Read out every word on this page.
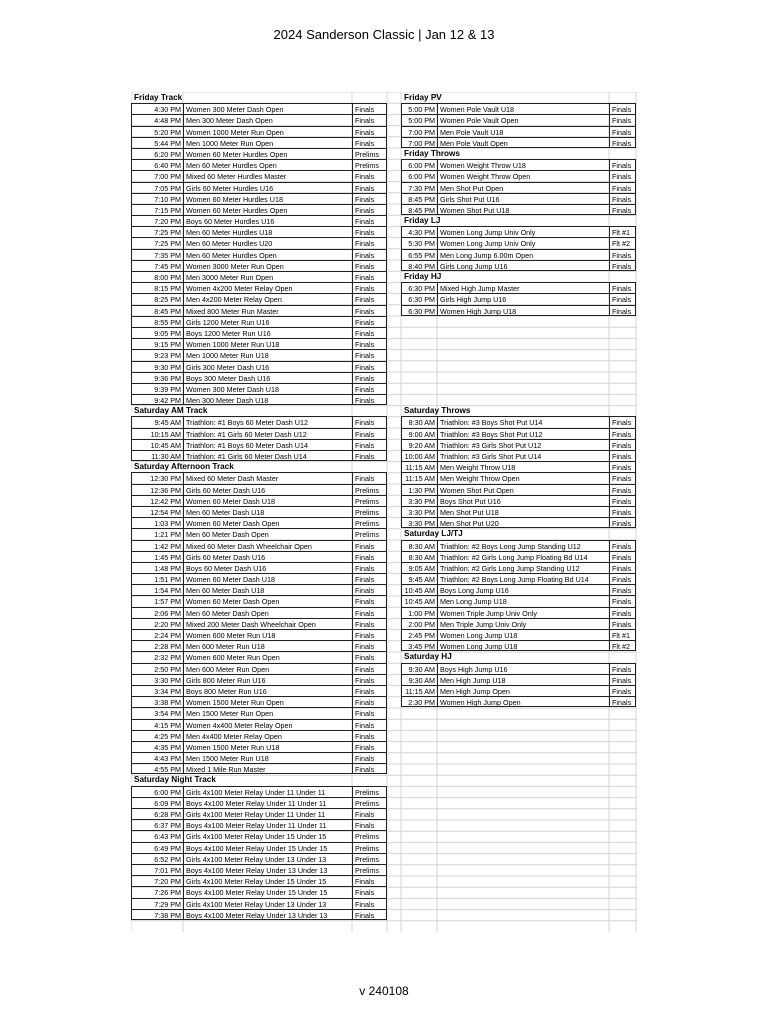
2024 Sanderson Classic | Jan 12 & 13
Friday Track
4:30 PM Women 300 Meter Dash Open	Finals
4:48 PM Men 300 Meter Dash Open	Finals
5:20 PM Women 1000 Meter Run Open	Finals
5:44 PM Men 1000 Meter Run Open	Finals
6:20 PM Women 60 Meter Hurdles Open	Prelims
6:40 PM Men 60 Meter Hurdles Open	Prelims
7:00 PM Mixed 60 Meter Hurdles Master	Finals
7:05 PM Girls 60 Meter Hurdles U16	Finals
7:10 PM Women 60 Meter Hurdles U18	Finals
7:15 PM Women 60 Meter Hurdles Open	Finals
7:20 PM Boys 60 Meter Hurdles U16	Finals
7:25 PM Men 60 Meter Hurdles U18	Finals
7:25 PM Men 60 Meter Hurdles U20	Finals
7:35 PM Men 60 Meter Hurdles Open	Finals
7:45 PM Women 3000 Meter Run Open	Finals
8:00 PM Men 3000 Meter Run Open	Finals
8:15 PM Women 4x200 Meter Relay Open	Finals
8:25 PM Men 4x200 Meter Relay Open	Finals
8:45 PM Mixed 800 Meter Run Master	Finals
8:55 PM Girls 1200 Meter Run U16	Finals
9:05 PM Boys 1200 Meter Run U16	Finals
9:15 PM Women 1000 Meter Run U18	Finals
9:23 PM Men 1000 Meter Run U18	Finals
9:30 PM Girls 300 Meter Dash U16	Finals
9:36 PM Boys 300 Meter Dash U16	Finals
9:39 PM Women 300 Meter Dash U18	Finals
9:42 PM Men 300 Meter Dash U18	Finals
Saturday AM Track
9:45 AM Triathlon: #1 Boys 60 Meter Dash U12	Finals
10:15 AM Triathlon: #1 Girls 60 Meter Dash U12	Finals
10:45 AM Triathlon: #1 Boys 60 Meter Dash U14	Finals
11:30 AM Triathlon: #1 Girls 60 Meter Dash U14	Finals
Saturday Afternoon Track
12:30 PM Mixed 60 Meter Dash Master	Finals
12:36 PM Girls 60 Meter Dash U16	Prelims
12:42 PM Women 60 Meter Dash U18	Prelims
12:54 PM Men 60 Meter Dash U18	Prelims
1:03 PM Women 60 Meter Dash Open	Prelims
1:21 PM Men 60 Meter Dash Open	Prelims
1:42 PM Mixed 60 Meter Dash Wheelchair Open	Finals
1:45 PM Girls 60 Meter Dash U16	Finals
1:48 PM Boys 60 Meter Dash U16	Finals
1:51 PM Women 60 Meter Dash U18	Finals
1:54 PM Men 60 Meter Dash U18	Finals
1:57 PM Women 60 Meter Dash Open	Finals
2:06 PM Men 60 Meter Dash Open	Finals
2:20 PM Mixed 200 Meter Dash Wheelchair Open	Finals
2:24 PM Women 600 Meter Run U18	Finals
2:28 PM Men 600 Meter Run U18	Finals
2:32 PM Women 600 Meter Run Open	Finals
2:50 PM Men 600 Meter Run Open	Finals
3:30 PM Girls 800 Meter Run U16	Finals
3:34 PM Boys 800 Meter Run U16	Finals
3:38 PM Women 1500 Meter Run Open	Finals
3:54 PM Men 1500 Meter Run Open	Finals
4:15 PM Women 4x400 Meter Relay Open	Finals
4:25 PM Men 4x400 Meter Relay Open	Finals
4:35 PM Women 1500 Meter Run U18	Finals
4:43 PM Men 1500 Meter Run U18	Finals
4:55 PM Mixed 1 Mile Run Master	Finals
Saturday Night Track
6:00 PM Girls 4x100 Meter Relay Under 11 Under 11	Prelims
6:09 PM Boys 4x100 Meter Relay Under 11 Under 11	Prelims
6:28 PM Girls 4x100 Meter Relay Under 11 Under 11	Finals
6:37 PM Boys 4x100 Meter Relay Under 11 Under 11	Finals
6:43 PM Girls 4x100 Meter Relay Under 15 Under 15	Prelims
6:49 PM Boys 4x100 Meter Relay Under 15 Under 15	Prelims
6:52 PM Girls 4x100 Meter Relay Under 13 Under 13	Prelims
7:01 PM Boys 4x100 Meter Relay Under 13 Under 13	Prelims
7:20 PM Girls 4x100 Meter Relay Under 15 Under 15	Finals
7:26 PM Boys 4x100 Meter Relay Under 15 Under 15	Finals
7:29 PM Girls 4x100 Meter Relay Under 13 Under 13	Finals
7:38 PM Boys 4x100 Meter Relay Under 13 Under 13	Finals
Friday PV
5:00 PM Women Pole Vault U18	Finals
5:00 PM Women Pole Vault Open	Finals
7:00 PM Men Pole Vault U18	Finals
7:00 PM Men Pole Vault Open	Finals
Friday Throws
6:00 PM Women Weight Throw U18	Finals
6:00 PM Women Weight Throw Open	Finals
7:30 PM Men Shot Put Open	Finals
8:45 PM Girls Shot Put U16	Finals
8:45 PM Women Shot Put U18	Finals
Friday LJ
4:30 PM Women Long Jump Univ Only	Flt #1
5:30 PM Women Long Jump Univ Only	Flt #2
6:55 PM Men Long Jump 6.00m Open	Finals
8:40 PM Girls Long Jump U16	Finals
Friday HJ
6:30 PM Mixed High Jump Master	Finals
6:30 PM Girls High Jump U16	Finals
6:30 PM Women High Jump U18	Finals
Saturday Throws
8:30 AM Triathlon: #3 Boys Shot Put U14	Finals
9:00 AM Triathlon: #3 Boys Shot Put U12	Finals
9:20 AM Triathlon: #3 Girls Shot Put U12	Finals
10:00 AM Triathlon: #3 Girls Shot Put U14	Finals
11:15 AM Men Weight Throw U18	Finals
11:15 AM Men Weight Throw Open	Finals
1:30 PM Women Shot Put Open	Finals
3:30 PM Boys Shot Put U16	Finals
3:30 PM Men Shot Put U18	Finals
3:30 PM Men Shot Put U20	Finals
Saturday LJ/TJ
8:30 AM Triathlon: #2 Boys Long Jump Standing U12	Finals
8:30 AM Triathlon: #2 Girls Long Jump Floating Bd U14	Finals
9:05 AM Triathlon: #2 Girls Long Jump Standing U12	Finals
9:45 AM Triathlon: #2 Boys Long Jump Floating Bd U14	Finals
10:45 AM Boys Long Jump U16	Finals
10:45 AM Men Long Jump U18	Finals
1:00 PM Women Triple Jump Univ Only	Finals
2:00 PM Men Triple Jump Univ Only	Finals
2:45 PM Women Long Jump U18	Flt #1
3:45 PM Women Long Jump U18	Flt #2
Saturday HJ
9:30 AM Boys High Jump U16	Finals
9:30 AM Men High Jump U18	Finals
11:15 AM Men High Jump Open	Finals
2:30 PM Women High Jump Open	Finals
v 240108
